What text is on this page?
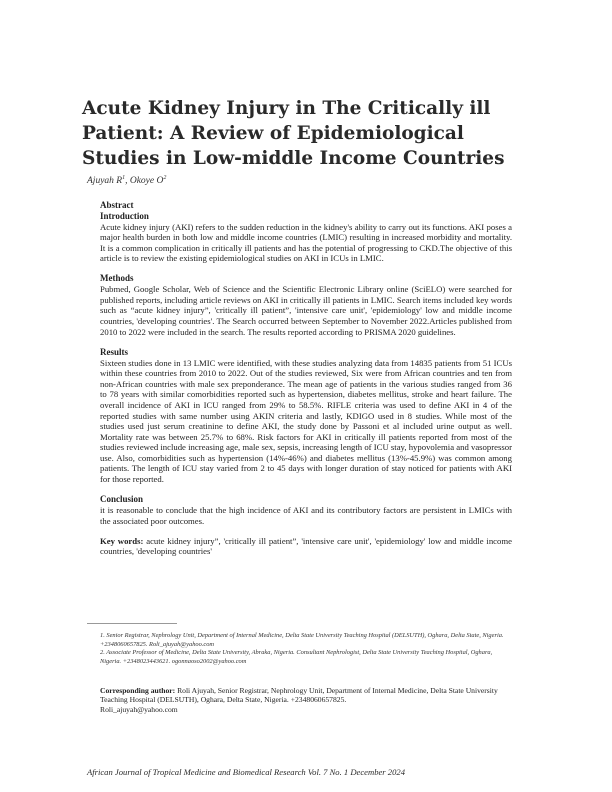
Acute Kidney Injury in The Critically ill Patient: A Review of Epidemiological Studies in Low-middle Income Countries
Ajuyah $R^1$, Okoye $O^2$
Abstract
Introduction

Acute kidney injury (AKI) refers to the sudden reduction in the kidney's ability to carry out its functions. AKI poses a major health burden in both low and middle income countries (LMIC) resulting in increased morbidity and mortality. It is a common complication in critically ill patients and has the potential of progressing to CKD.The objective of this article is to review the existing epidemiological studies on AKI in ICUs in LMIC.

Methods

Pubmed, Google Scholar, Web of Science and the Scientific Electronic Library online (SciELO) were searched for published reports, including article reviews on AKI in critically ill patients in LMIC. Search items included key words such as “acute kidney injury”, 'critically ill patient”, 'intensive care unit', 'epidemiology' low and middle income countries, 'developing countries'. The Search occurred between September to November 2022.Articles published from 2010 to 2022 were included in the search. The results reported according to PRISMA 2020 guidelines.

Results

Sixteen studies done in 13 LMIC were identified, with these studies analyzing data from 14835 patients from 51 ICUs within these countries from 2010 to 2022. Out of the studies reviewed, Six were from African countries and ten from non-African countries with male sex preponderance. The mean age of patients in the various studies ranged from 36 to 78 years with similar comorbidities reported such as hypertension, diabetes mellitus, stroke and heart failure. The overall incidence of AKI in ICU ranged from 29% to 58.5%. RIFLE criteria was used to define AKI in 4 of the reported studies with same number using AKIN criteria and lastly, KDIGO used in 8 studies. While most of the studies used just serum creatinine to define AKI, the study done by Passoni et al included urine output as well. Mortality rate was between 25.7% to 68%. Risk factors for AKI in critically ill patients reported from most of the studies reviewed include increasing age, male sex, sepsis, increasing length of ICU stay, hypovolemia and vasopressor use. Also, comorbidities such as hypertension (14%-46%) and diabetes mellitus (13%-45.9%) was common among patients. The length of ICU stay varied from 2 to 45 days with longer duration of stay noticed for patients with AKI for those reported.

Conclusion

it is reasonable to conclude that the high incidence of AKI and its contributory factors are persistent in LMICs with the associated poor outcomes.

Key words: acute kidney injury”, 'critically ill patient”, 'intensive care unit', 'epidemiology' low and middle income countries, 'developing countries'

1. Senior Registrar, Nephrology Unit, Department of Internal Medicine, Delta State University Teaching Hospital (DELSUTH), Oghara, Delta State, Nigeria. +2348060657825. Roli_ajuyah@yahoo.com

2. Associate Professor of Medicine, Delta State University, Abraka, Nigeria. Consultant Nephrologist, Delta State University Teaching Hospital, Oghara, Nigeria. +2348023443621. ogonnaoso2002@yahoo.com

Corresponding author: Roli Ajuyah, Senior Registrar, Nephrology Unit, Department of Internal Medicine, Delta State University Teaching Hospital (DELSUTH), Oghara, Delta State, Nigeria. +2348060657825.

Roli_ajuyah@yahoo.com

African Journal of Tropical Medicine and Biomedical Research Vol. 7 No. 1 December 2024
